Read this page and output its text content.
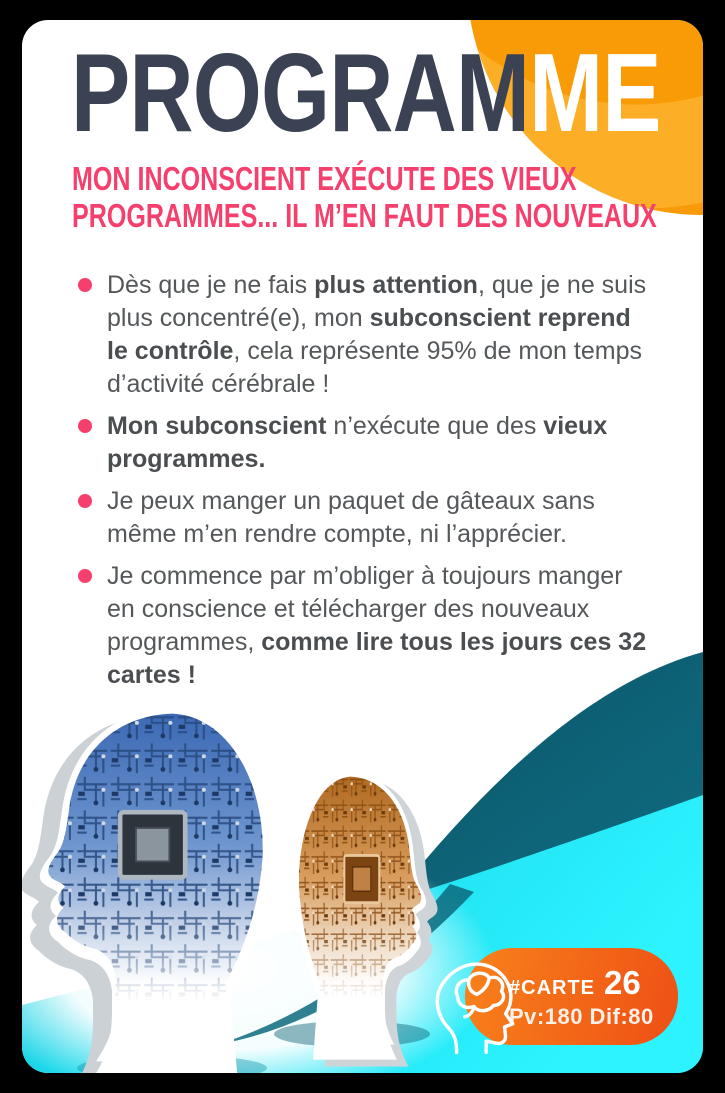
PROGRAMME
MON INCONSCIENT EXÉCUTE DES VIEUX
PROGRAMMES... IL M’EN FAUT DES NOUVEAUX

Dès que je ne fais plus attention, que je ne suis plus concentré(e), mon subconscient reprend le contrôle, cela représente 95% de mon temps d’activité cérébrale !

Mon subconscient n’exécute que des vieux programmes.

Je peux manger un paquet de gâteaux sans même m’en rendre compte, ni l’apprécier.

Je commence par m’obliger à toujours manger en conscience et télécharger des nouveaux programmes, comme lire tous les jours ces 32 cartes !

#CARTE 26
Pv:180 Dif:80
